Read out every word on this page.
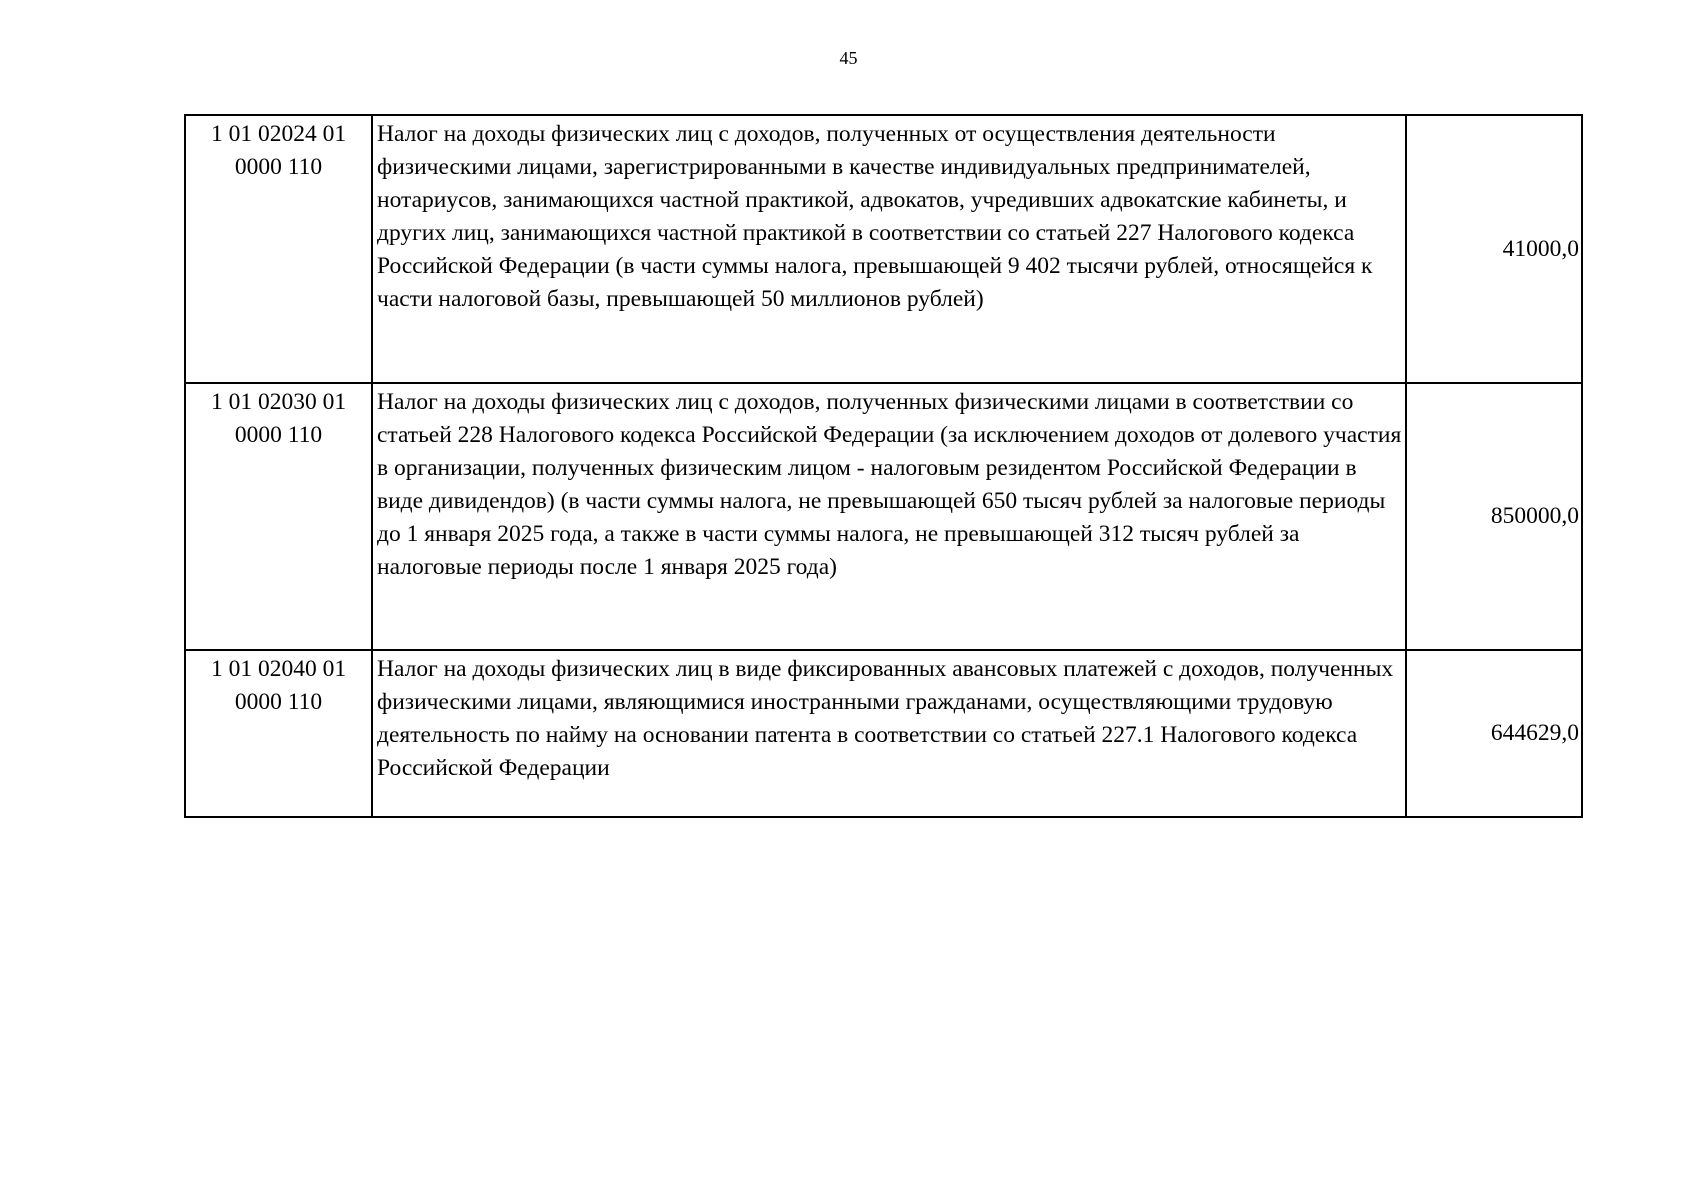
45
1 01 02024 01 0000 110	Налог на доходы физических лиц с доходов, полученных от осуществления деятельности физическими лицами, зарегистрированными в качестве индивидуальных предпринимателей, нотариусов, занимающихся частной практикой, адвокатов, учредивших адвокатские кабинеты, и других лиц, занимающихся частной практикой в соответствии со статьей 227 Налогового кодекса Российской Федерации (в части суммы налога, превышающей 9 402 тысячи рублей, относящейся к части налоговой базы, превышающей 50 миллионов рублей)	41000,0
1 01 02030 01 0000 110	Налог на доходы физических лиц с доходов, полученных физическими лицами в соответствии со статьей 228 Налогового кодекса Российской Федерации (за исключением доходов от долевого участия в организации, полученных физическим лицом - налоговым резидентом Российской Федерации в виде дивидендов) (в части суммы налога, не превышающей 650 тысяч рублей за налоговые периоды до 1 января 2025 года, а также в части суммы налога, не превышающей 312 тысяч рублей за налоговые периоды после 1 января 2025 года)	850000,0
1 01 02040 01 0000 110	Налог на доходы физических лиц в виде фиксированных авансовых платежей с доходов, полученных физическими лицами, являющимися иностранными гражданами, осуществляющими трудовую деятельность по найму на основании патента в соответствии со статьей 227.1 Налогового кодекса Российской Федерации	644629,0
